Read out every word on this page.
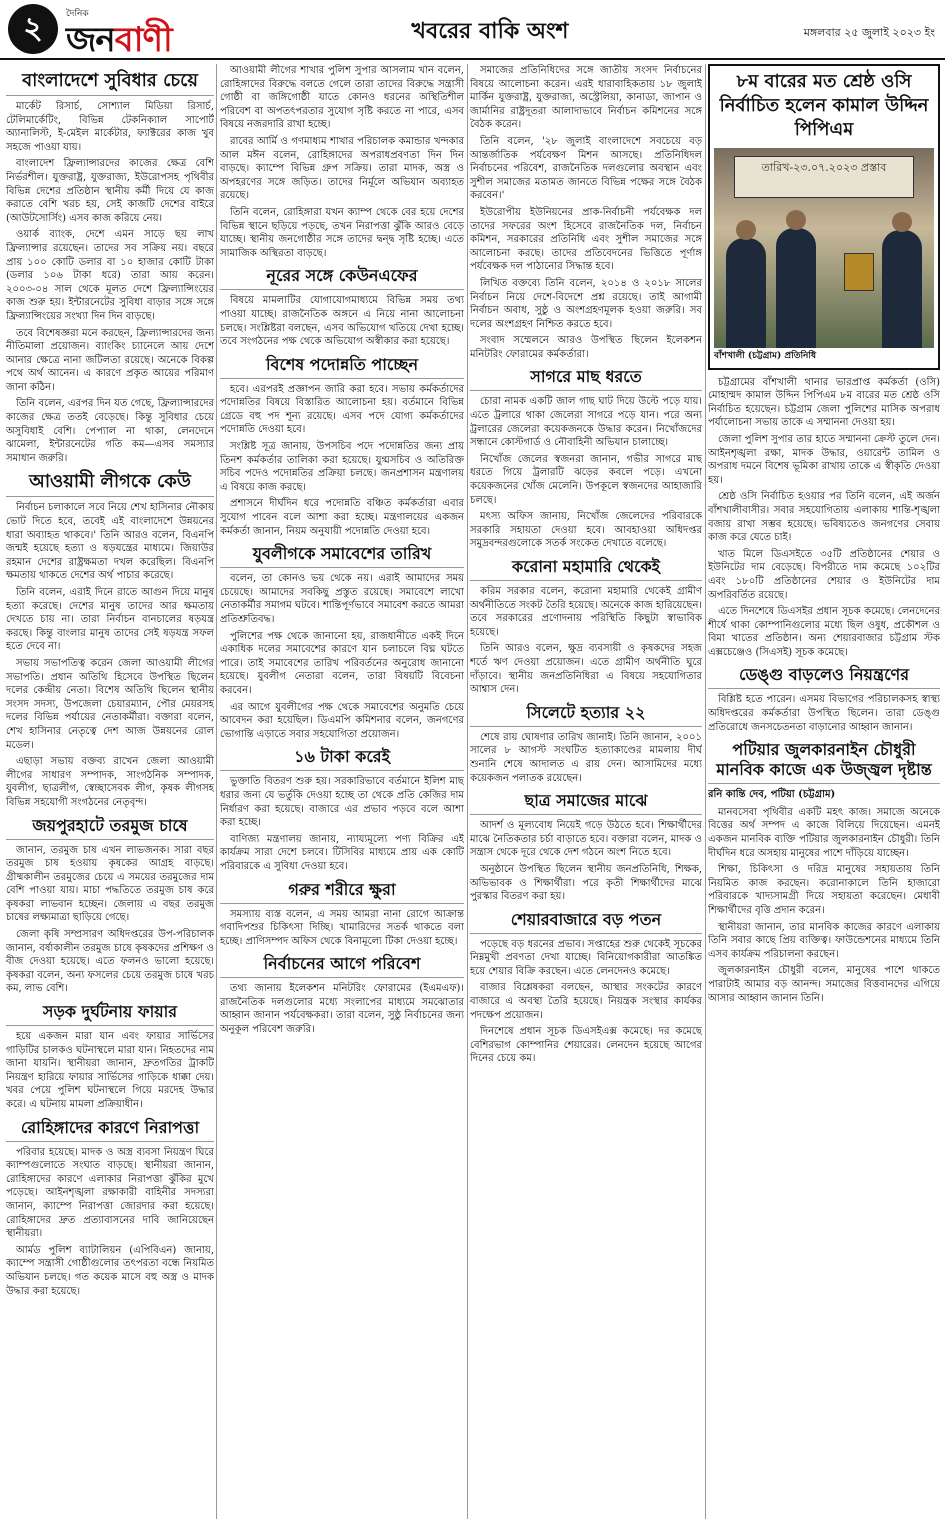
২	দৈনিক
জনবাণী	খবরের বাকি অংশ	মঙ্গলবার ২৫ জুলাই ২০২৩ ইং
বাংলাদেশে সুবিধার চেয়ে

মার্কেট রিসার্চ, সোশ্যাল মিডিয়া রিসার্চ, টেলিমার্কেটিং, বিভিন্ন টেকনিক্যাল সাপোর্ট অ্যানালিস্ট, ই-মেইল মার্কেটার, ফ্যাক্টরের কাজ খুব সহজে পাওয়া যায়।

বাংলাদেশ ফ্রিল্যান্সারদের কাজের ক্ষেত্র বেশি নির্ভরশীল। যুক্তরাষ্ট্র, যুক্তরাজ্য, ইউরোপসহ পৃথিবীর বিভিন্ন দেশের প্রতিষ্ঠান স্থানীয় কর্মী দিয়ে যে কাজ করাতে বেশি খরচ হয়, সেই কাজটি দেশের বাইরে (আউটসোর্সিং) এসব কাজ করিয়ে নেয়।

ওয়ার্ক ব্যাংক, দেশে এমন সাড়ে ছয় লাখ ফ্রিল্যান্সার রয়েছেন। তাদের সব সক্রিয় নয়। বছরে প্রায় ১০০ কোটি ডলার বা ১০ হাজার কোটি টাকা (ডলার ১০৬ টাকা ধরে) তারা আয় করেন। ২০০৩-০৪ সাল থেকে মূলত দেশে ফ্রিল্যান্সিংয়ের কাজ শুরু হয়। ইন্টারনেটের সুবিধা বাড়ার সঙ্গে সঙ্গে ফ্রিল্যান্সিংয়ের সংখ্যা দিন দিন বাড়ছে।

তবে বিশেষজ্ঞরা মনে করছেন, ফ্রিল্যান্সারদের জন্য নীতিমালা প্রয়োজন। ব্যাংকিং চ্যানেলে আয় দেশে আনার ক্ষেত্রে নানা জটিলতা রয়েছে। অনেকে বিকল্প পথে অর্থ আনেন। এ কারণে প্রকৃত আয়ের পরিমাণ জানা কঠিন।

তিনি বলেন, এরপর দিন যত গেছে, ফ্রিল্যান্সারদের কাজের ক্ষেত্র ততই বেড়েছে। কিন্তু সুবিধার চেয়ে অসুবিধাই বেশি। পেপ্যাল না থাকা, লেনদেনে ঝামেলা, ইন্টারনেটের গতি কম—এসব সমস্যার সমাধান জরুরি।

আওয়ামী লীগকে কেউ

নির্বাচন চলাকালে সবে নিয়ে শেখ হাসিনার নৌকায় ভোট দিতে হবে, তবেই এই বাংলাদেশে উন্নয়নের ধারা অব্যাহত থাকবে।' তিনি আরও বলেন, বিএনপি জন্মই হয়েছে হত্যা ও ষড়যন্ত্রের মাধ্যমে। জিয়াউর রহমান দেশের রাষ্ট্রক্ষমতা দখল করেছিল। বিএনপি ক্ষমতায় থাকতে দেশের অর্থ পাচার করেছে।

তিনি বলেন, এরাই দিনে রাতে আগুন দিয়ে মানুষ হত্যা করেছে। দেশের মানুষ তাদের আর ক্ষমতায় দেখতে চায় না। তারা নির্বাচন বানচালের ষড়যন্ত্র করছে। কিন্তু বাংলার মানুষ তাদের সেই ষড়যন্ত্র সফল হতে দেবে না।

সভায় সভাপতিত্ব করেন জেলা আওয়ামী লীগের সভাপতি। প্রধান অতিথি হিসেবে উপস্থিত ছিলেন দলের কেন্দ্রীয় নেতা। বিশেষ অতিথি ছিলেন স্থানীয় সংসদ সদস্য, উপজেলা চেয়ারম্যান, পৌর মেয়রসহ দলের বিভিন্ন পর্যায়ের নেতাকর্মীরা। বক্তারা বলেন, শেখ হাসিনার নেতৃত্বে দেশ আজ উন্নয়নের রোল মডেল।

এছাড়া সভায় বক্তব্য রাখেন জেলা আওয়ামী লীগের সাধারণ সম্পাদক, সাংগঠনিক সম্পাদক, যুবলীগ, ছাত্রলীগ, স্বেচ্ছাসেবক লীগ, কৃষক লীগসহ বিভিন্ন সহযোগী সংগঠনের নেতৃবৃন্দ।

জয়পুরহাটে তরমুজ চাষে

জানান, তরমুজ চাষ এখন লাভজনক। সারা বছর তরমুজ চাষ হওয়ায় কৃষকের আগ্রহ বাড়ছে। গ্রীষ্মকালীন তরমুজের চেয়ে এ সময়ের তরমুজের দাম বেশি পাওয়া যায়। মাচা পদ্ধতিতে তরমুজ চাষ করে কৃষকরা লাভবান হচ্ছেন। জেলায় এ বছর তরমুজ চাষের লক্ষ্যমাত্রা ছাড়িয়ে গেছে।

জেলা কৃষি সম্প্রসারণ অধিদপ্তরের উপ-পরিচালক জানান, বর্ষাকালীন তরমুজ চাষে কৃষকদের প্রশিক্ষণ ও বীজ দেওয়া হয়েছে। এতে ফলনও ভালো হয়েছে। কৃষকরা বলেন, অন্য ফসলের চেয়ে তরমুজ চাষে খরচ কম, লাভ বেশি।

সড়ক দুর্ঘটনায় ফায়ার

হয়ে একজন মারা যান এবং ফায়ার সার্ভিসের গাড়িটির চালকও ঘটনাস্থলে মারা যান। নিহতদের নাম জানা যায়নি। স্থানীয়রা জানান, দ্রুতগতির ট্রাকটি নিয়ন্ত্রণ হারিয়ে ফায়ার সার্ভিসের গাড়িকে ধাক্কা দেয়। খবর পেয়ে পুলিশ ঘটনাস্থলে গিয়ে মরদেহ উদ্ধার করে। এ ঘটনায় মামলা প্রক্রিয়াধীন।

রোহিঙ্গাদের কারণে নিরাপত্তা

পরিবার হয়েছে। মাদক ও অস্ত্র ব্যবসা নিয়ন্ত্রণ ঘিরে ক্যাম্পগুলোতে সংঘাত বাড়ছে। স্থানীয়রা জানান, রোহিঙ্গাদের কারণে এলাকার নিরাপত্তা ঝুঁকির মুখে পড়েছে। আইনশৃঙ্খলা রক্ষাকারী বাহিনীর সদস্যরা জানান, ক্যাম্পে নিরাপত্তা জোরদার করা হয়েছে। রোহিঙ্গাদের দ্রুত প্রত্যাবাসনের দাবি জানিয়েছেন স্থানীয়রা।

আর্মড পুলিশ ব্যাটালিয়ন (এপিবিএন) জানায়, ক্যাম্পে সন্ত্রাসী গোষ্ঠীগুলোর তৎপরতা বন্ধে নিয়মিত অভিযান চলছে। গত কয়েক মাসে বহু অস্ত্র ও মাদক উদ্ধার করা হয়েছে।

আওয়ামী লীগের শাখার পুলিশ সুপার আসলাম খান বলেন, রোহিঙ্গাদের বিরুদ্ধে বলতে গেলে তারা তাদের বিরুদ্ধে সন্ত্রাসী গোষ্ঠী বা জঙ্গিগোষ্ঠী যাতে কোনও ধরনের অস্থিতিশীল পরিবেশ বা অপতৎপরতার সুযোগ সৃষ্টি করতে না পারে, এসব বিষয়ে নজরদারি রাখা হচ্ছে।

রাবের আর্মি ও গণমাধ্যম শাখার পরিচালক কমান্ডার খন্দকার আল মঈন বলেন, রোহিঙ্গাদের অপরাধপ্রবণতা দিন দিন বাড়ছে। ক্যাম্পে বিভিন্ন গ্রুপ সক্রিয়। তারা মাদক, অস্ত্র ও অপহরণের সঙ্গে জড়িত। তাদের নির্মূলে অভিযান অব্যাহত রয়েছে।

তিনি বলেন, রোহিঙ্গারা যখন ক্যাম্প থেকে বের হয়ে দেশের বিভিন্ন স্থানে ছড়িয়ে পড়ছে, তখন নিরাপত্তা ঝুঁকি আরও বেড়ে যাচ্ছে। স্থানীয় জনগোষ্ঠীর সঙ্গে তাদের দ্বন্দ্ব সৃষ্টি হচ্ছে। এতে সামাজিক অস্থিরতা বাড়ছে।

নূরের সঙ্গে কেউনএফের

বিষয়ে মামলাটির যোগাযোগমাধ্যমে বিভিন্ন সময় তথ্য পাওয়া যাচ্ছে। রাজনৈতিক অঙ্গনে এ নিয়ে নানা আলোচনা চলছে। সংশ্লিষ্টরা বলছেন, এসব অভিযোগ খতিয়ে দেখা হচ্ছে। তবে সংগঠনের পক্ষ থেকে অভিযোগ অস্বীকার করা হয়েছে।

বিশেষ পদোন্নতি পাচ্ছেন

হবে। এরপরই প্রজ্ঞাপন জারি করা হবে। সভায় কর্মকর্তাদের পদোন্নতির বিষয়ে বিস্তারিত আলোচনা হয়। বর্তমানে বিভিন্ন গ্রেডে বহু পদ শূন্য রয়েছে। এসব পদে যোগ্য কর্মকর্তাদের পদোন্নতি দেওয়া হবে।

সংশ্লিষ্ট সূত্র জানায়, উপসচিব পদে পদোন্নতির জন্য প্রায় তিনশ কর্মকর্তার তালিকা করা হয়েছে। যুগ্মসচিব ও অতিরিক্ত সচিব পদেও পদোন্নতির প্রক্রিয়া চলছে। জনপ্রশাসন মন্ত্রণালয় এ বিষয়ে কাজ করছে।

প্রশাসনে দীর্ঘদিন ধরে পদোন্নতি বঞ্চিত কর্মকর্তারা এবার সুযোগ পাবেন বলে আশা করা হচ্ছে। মন্ত্রণালয়ের একজন কর্মকর্তা জানান, নিয়ম অনুযায়ী পদোন্নতি দেওয়া হবে।

যুবলীগকে সমাবেশের তারিখ

বলেন, তা কোনও ভয় থেকে নয়। এরাই আমাদের সময় চেয়েছে। আমাদের সবকিছু প্রস্তুত রয়েছে। সমাবেশে লাখো নেতাকর্মীর সমাগম ঘটবে। শান্তিপূর্ণভাবে সমাবেশ করতে আমরা প্রতিশ্রুতিবদ্ধ।

পুলিশের পক্ষ থেকে জানানো হয়, রাজধানীতে একই দিনে একাধিক দলের সমাবেশের কারণে যান চলাচলে বিঘ্ন ঘটতে পারে। তাই সমাবেশের তারিখ পরিবর্তনের অনুরোধ জানানো হয়েছে। যুবলীগ নেতারা বলেন, তারা বিষয়টি বিবেচনা করবেন।

এর আগে যুবলীগের পক্ষ থেকে সমাবেশের অনুমতি চেয়ে আবেদন করা হয়েছিল। ডিএমপি কমিশনার বলেন, জনগণের ভোগান্তি এড়াতে সবার সহযোগিতা প্রয়োজন।

১৬ টাকা করেই

ভুক্তাতি বিতরণ শুরু হয়। সরকারিভাবে বর্তমানে ইলিশ মাছ ধরার জন্য যে ভর্তুকি দেওয়া হচ্ছে তা থেকে প্রতি কেজির দাম নির্ধারণ করা হয়েছে। বাজারে এর প্রভাব পড়বে বলে আশা করা হচ্ছে।

বাণিজ্য মন্ত্রণালয় জানায়, ন্যায্যমূল্যে পণ্য বিক্রির এই কার্যক্রম সারা দেশে চলবে। টিসিবির মাধ্যমে প্রায় এক কোটি পরিবারকে এ সুবিধা দেওয়া হবে।

গরুর শরীরে ক্ষুরা

সমস্যায় ব্যস্ত বলেন, এ সময় আমরা নানা রোগে আক্রান্ত গবাদিপশুর চিকিৎসা দিচ্ছি। খামারিদের সতর্ক থাকতে বলা হচ্ছে। প্রাণিসম্পদ অফিস থেকে বিনামূল্যে টিকা দেওয়া হচ্ছে।

নির্বাচনের আগে পরিবেশ

তথ্য জানায় ইলেকশন মনিটরিং ফোরামের (ইএমএফ)। রাজনৈতিক দলগুলোর মধ্যে সংলাপের মাধ্যমে সমঝোতার আহ্বান জানান পর্যবেক্ষকরা। তারা বলেন, সুষ্ঠু নির্বাচনের জন্য অনুকূল পরিবেশ জরুরি।

সমাজের প্রতিনিধিদের সঙ্গে জাতীয় সংসদ নির্বাচনের বিষয়ে আলোচনা করেন। এরই ধারাবাহিকতায় ১৮ জুলাই মার্কিন যুক্তরাষ্ট্র, যুক্তরাজ্য, অস্ট্রেলিয়া, কানাডা, জাপান ও জার্মানির রাষ্ট্রদূতরা আলাদাভাবে নির্বাচন কমিশনের সঙ্গে বৈঠক করেন।

তিনি বলেন, '২৮ জুলাই বাংলাদেশে সবচেয়ে বড় আন্তর্জাতিক পর্যবেক্ষণ মিশন আসছে। প্রতিনিধিদল নির্বাচনের পরিবেশ, রাজনৈতিক দলগুলোর অবস্থান এবং সুশীল সমাজের মতামত জানতে বিভিন্ন পক্ষের সঙ্গে বৈঠক করবেন।'

ইউরোপীয় ইউনিয়নের প্রাক-নির্বাচনী পর্যবেক্ষক দল তাদের সফরের অংশ হিসেবে রাজনৈতিক দল, নির্বাচন কমিশন, সরকারের প্রতিনিধি এবং সুশীল সমাজের সঙ্গে আলোচনা করছে। তাদের প্রতিবেদনের ভিত্তিতে পূর্ণাঙ্গ পর্যবেক্ষক দল পাঠানোর সিদ্ধান্ত হবে।

লিখিত বক্তব্যে তিনি বলেন, ২০১৪ ও ২০১৮ সালের নির্বাচন নিয়ে দেশে-বিদেশে প্রশ্ন রয়েছে। তাই আগামী নির্বাচন অবাধ, সুষ্ঠু ও অংশগ্রহণমূলক হওয়া জরুরি। সব দলের অংশগ্রহণ নিশ্চিত করতে হবে।

সংবাদ সম্মেলনে আরও উপস্থিত ছিলেন ইলেকশন মনিটরিং ফোরামের কর্মকর্তারা।

সাগরে মাছ ধরতে

চোরা নামক একটি জাল গাছ ঘাট দিয়ে উল্টে পড়ে যায়। এতে ট্রলারে থাকা জেলেরা সাগরে পড়ে যান। পরে অন্য ট্রলারের জেলেরা কয়েকজনকে উদ্ধার করেন। নিখোঁজদের সন্ধানে কোস্টগার্ড ও নৌবাহিনী অভিযান চালাচ্ছে।

নিখোঁজ জেলের স্বজনরা জানান, গভীর সাগরে মাছ ধরতে গিয়ে ট্রলারটি ঝড়ের কবলে পড়ে। এখনো কয়েকজনের খোঁজ মেলেনি। উপকূলে স্বজনদের আহাজারি চলছে।

মৎস্য অফিস জানায়, নিখোঁজ জেলেদের পরিবারকে সরকারি সহায়তা দেওয়া হবে। আবহাওয়া অধিদপ্তর সমুদ্রবন্দরগুলোকে সতর্ক সংকেত দেখাতে বলেছে।

করোনা মহামারি থেকেই

করিম সরকার বলেন, করোনা মহামারি থেকেই গ্রামীণ অর্থনীতিতে সংকট তৈরি হয়েছে। অনেকে কাজ হারিয়েছেন। তবে সরকারের প্রণোদনায় পরিস্থিতি কিছুটা স্বাভাবিক হয়েছে।

তিনি আরও বলেন, ক্ষুদ্র ব্যবসায়ী ও কৃষকদের সহজ শর্তে ঋণ দেওয়া প্রয়োজন। এতে গ্রামীণ অর্থনীতি ঘুরে দাঁড়াবে। স্থানীয় জনপ্রতিনিধিরা এ বিষয়ে সহযোগিতার আশ্বাস দেন।

সিলেটে হত্যার ২২

শেষে রায় ঘোষণার তারিখ জানাই। তিনি জানান, ২০০১ সালের ৮ আগস্ট সংঘটিত হত্যাকাণ্ডের মামলায় দীর্ঘ শুনানি শেষে আদালত এ রায় দেন। আসামিদের মধ্যে কয়েকজন পলাতক রয়েছেন।

ছাত্র সমাজের মাঝে

আদর্শ ও মূল্যবোধ নিয়েই গড়ে উঠতে হবে। শিক্ষার্থীদের মাঝে নৈতিকতার চর্চা বাড়াতে হবে। বক্তারা বলেন, মাদক ও সন্ত্রাস থেকে দূরে থেকে দেশ গঠনে অংশ নিতে হবে।

অনুষ্ঠানে উপস্থিত ছিলেন স্থানীয় জনপ্রতিনিধি, শিক্ষক, অভিভাবক ও শিক্ষার্থীরা। পরে কৃতী শিক্ষার্থীদের মাঝে পুরস্কার বিতরণ করা হয়।

শেয়ারবাজারে বড় পতন

পড়েছে বড় ধরনের প্রভাব। সপ্তাহের শুরু থেকেই সূচকের নিম্নমুখী প্রবণতা দেখা যাচ্ছে। বিনিয়োগকারীরা আতঙ্কিত হয়ে শেয়ার বিক্রি করছেন। এতে লেনদেনও কমেছে।

বাজার বিশ্লেষকরা বলছেন, আস্থার সংকটের কারণে বাজারে এ অবস্থা তৈরি হয়েছে। নিয়ন্ত্রক সংস্থার কার্যকর পদক্ষেপ প্রয়োজন।

দিনশেষে প্রধান সূচক ডিএসইএক্স কমেছে। দর কমেছে বেশিরভাগ কোম্পানির শেয়ারের। লেনদেন হয়েছে আগের দিনের চেয়ে কম।

৮ম বারের মত শ্রেষ্ঠ ওসি নির্বাচিত হলেন কামাল উদ্দিন পিপিএম
তারিখ-২৩.০৭.২০২৩ প্রস্তাব
বাঁশখালী (চট্টগ্রাম) প্রতিনিধি

চট্টগ্রামের বাঁশখালী থানার ভারপ্রাপ্ত কর্মকর্তা (ওসি) মোহাম্মদ কামাল উদ্দিন পিপিএম ৮ম বারের মত শ্রেষ্ঠ ওসি নির্বাচিত হয়েছেন। চট্টগ্রাম জেলা পুলিশের মাসিক অপরাধ পর্যালোচনা সভায় তাকে এ সম্মাননা দেওয়া হয়।

জেলা পুলিশ সুপার তার হাতে সম্মাননা ক্রেস্ট তুলে দেন। আইনশৃঙ্খলা রক্ষা, মাদক উদ্ধার, ওয়ারেন্ট তামিল ও অপরাধ দমনে বিশেষ ভূমিকা রাখায় তাকে এ স্বীকৃতি দেওয়া হয়।

শ্রেষ্ঠ ওসি নির্বাচিত হওয়ার পর তিনি বলেন, এই অর্জন বাঁশখালীবাসীর। সবার সহযোগিতায় এলাকায় শান্তি-শৃঙ্খলা বজায় রাখা সম্ভব হয়েছে। ভবিষ্যতেও জনগণের সেবায় কাজ করে যেতে চাই।

খাত মিলে ডিএসইতে ৩৫টি প্রতিষ্ঠানের শেয়ার ও ইউনিটের দাম বেড়েছে। বিপরীতে দাম কমেছে ১০২টির এবং ১৮০টি প্রতিষ্ঠানের শেয়ার ও ইউনিটের দাম অপরিবর্তিত রয়েছে।

এতে দিনশেষে ডিএসইর প্রধান সূচক কমেছে। লেনদেনের শীর্ষে থাকা কোম্পানিগুলোর মধ্যে ছিল ওষুধ, প্রকৌশল ও বিমা খাতের প্রতিষ্ঠান। অন্য শেয়ারবাজার চট্টগ্রাম স্টক এক্সচেঞ্জেও (সিএসই) সূচক কমেছে।

ডেঙ্গু বাড়লেও নিয়ন্ত্রণের

বিশ্লিষ্ট হতে পারেন। এসময় বিভাগের পরিচালকসহ স্বাস্থ্য অধিদপ্তরের কর্মকর্তারা উপস্থিত ছিলেন। তারা ডেঙ্গু প্রতিরোধে জনসচেতনতা বাড়ানোর আহ্বান জানান।

পটিয়ার জুলকারনাইন চৌধুরী মানবিক কাজে এক উজ্জ্বল দৃষ্টান্ত

রনি কান্তি দেব, পটিয়া (চট্টগ্রাম)

মানবসেবা পৃথিবীর একটি মহৎ কাজ। সমাজে অনেকে বিত্তের অর্থ সম্পদ এ কাজে বিলিয়ে দিয়েছেন। এমনই একজন মানবিক ব্যক্তি পটিয়ার জুলকারনাইন চৌধুরী। তিনি দীর্ঘদিন ধরে অসহায় মানুষের পাশে দাঁড়িয়ে যাচ্ছেন।

শিক্ষা, চিকিৎসা ও দরিদ্র মানুষের সহায়তায় তিনি নিয়মিত কাজ করছেন। করোনাকালে তিনি হাজারো পরিবারকে খাদ্যসামগ্রী দিয়ে সহায়তা করেছেন। মেধাবী শিক্ষার্থীদের বৃত্তি প্রদান করেন।

স্থানীয়রা জানান, তার মানবিক কাজের কারণে এলাকায় তিনি সবার কাছে প্রিয় ব্যক্তিত্ব। ফাউন্ডেশনের মাধ্যমে তিনি এসব কার্যক্রম পরিচালনা করছেন।

জুলকারনাইন চৌধুরী বলেন, মানুষের পাশে থাকতে পারাটাই আমার বড় আনন্দ। সমাজের বিত্তবানদের এগিয়ে আসার আহ্বান জানান তিনি।
